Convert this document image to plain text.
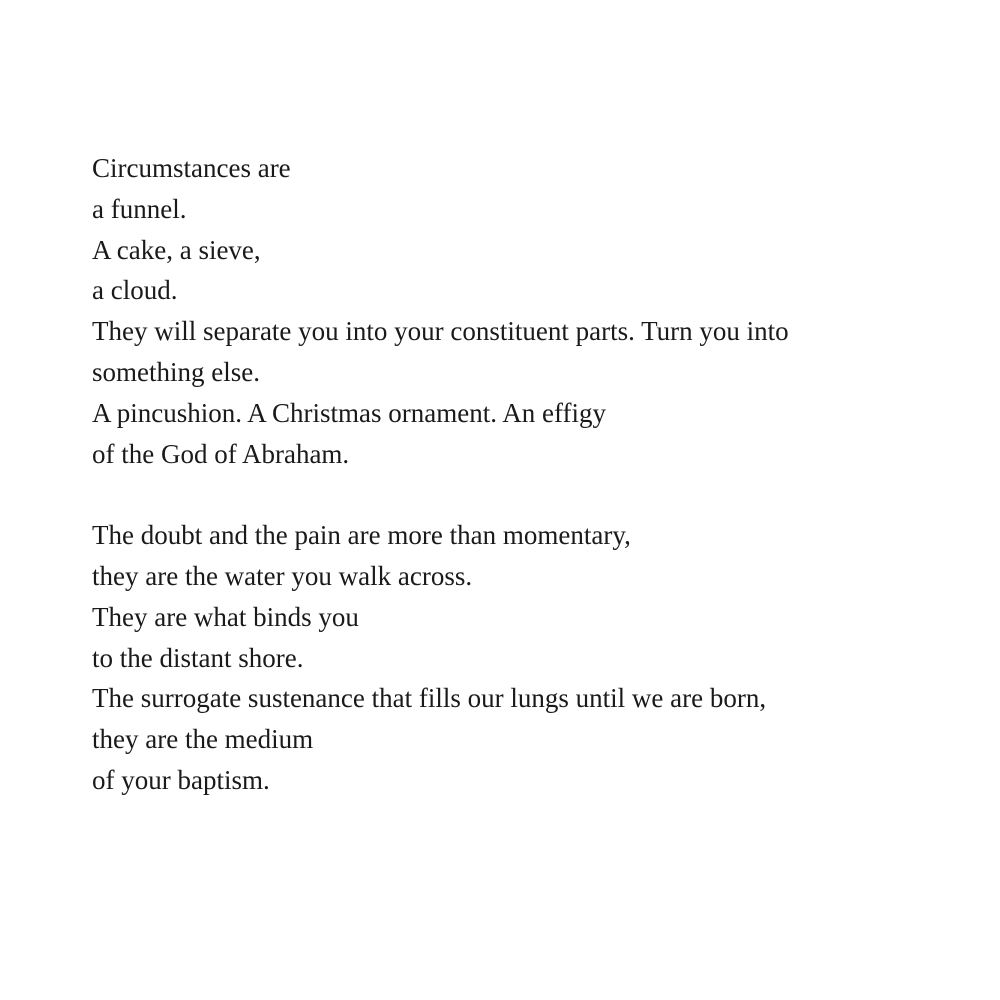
Circumstances are
a funnel.
A cake, a sieve,
a cloud.
They will separate you into your constituent parts. Turn you into
something else.
A pincushion. A Christmas ornament. An effigy
of the God of Abraham.
The doubt and the pain are more than momentary,
they are the water you walk across.
They are what binds you
to the distant shore.
The surrogate sustenance that fills our lungs until we are born,
they are the medium
of your baptism.
